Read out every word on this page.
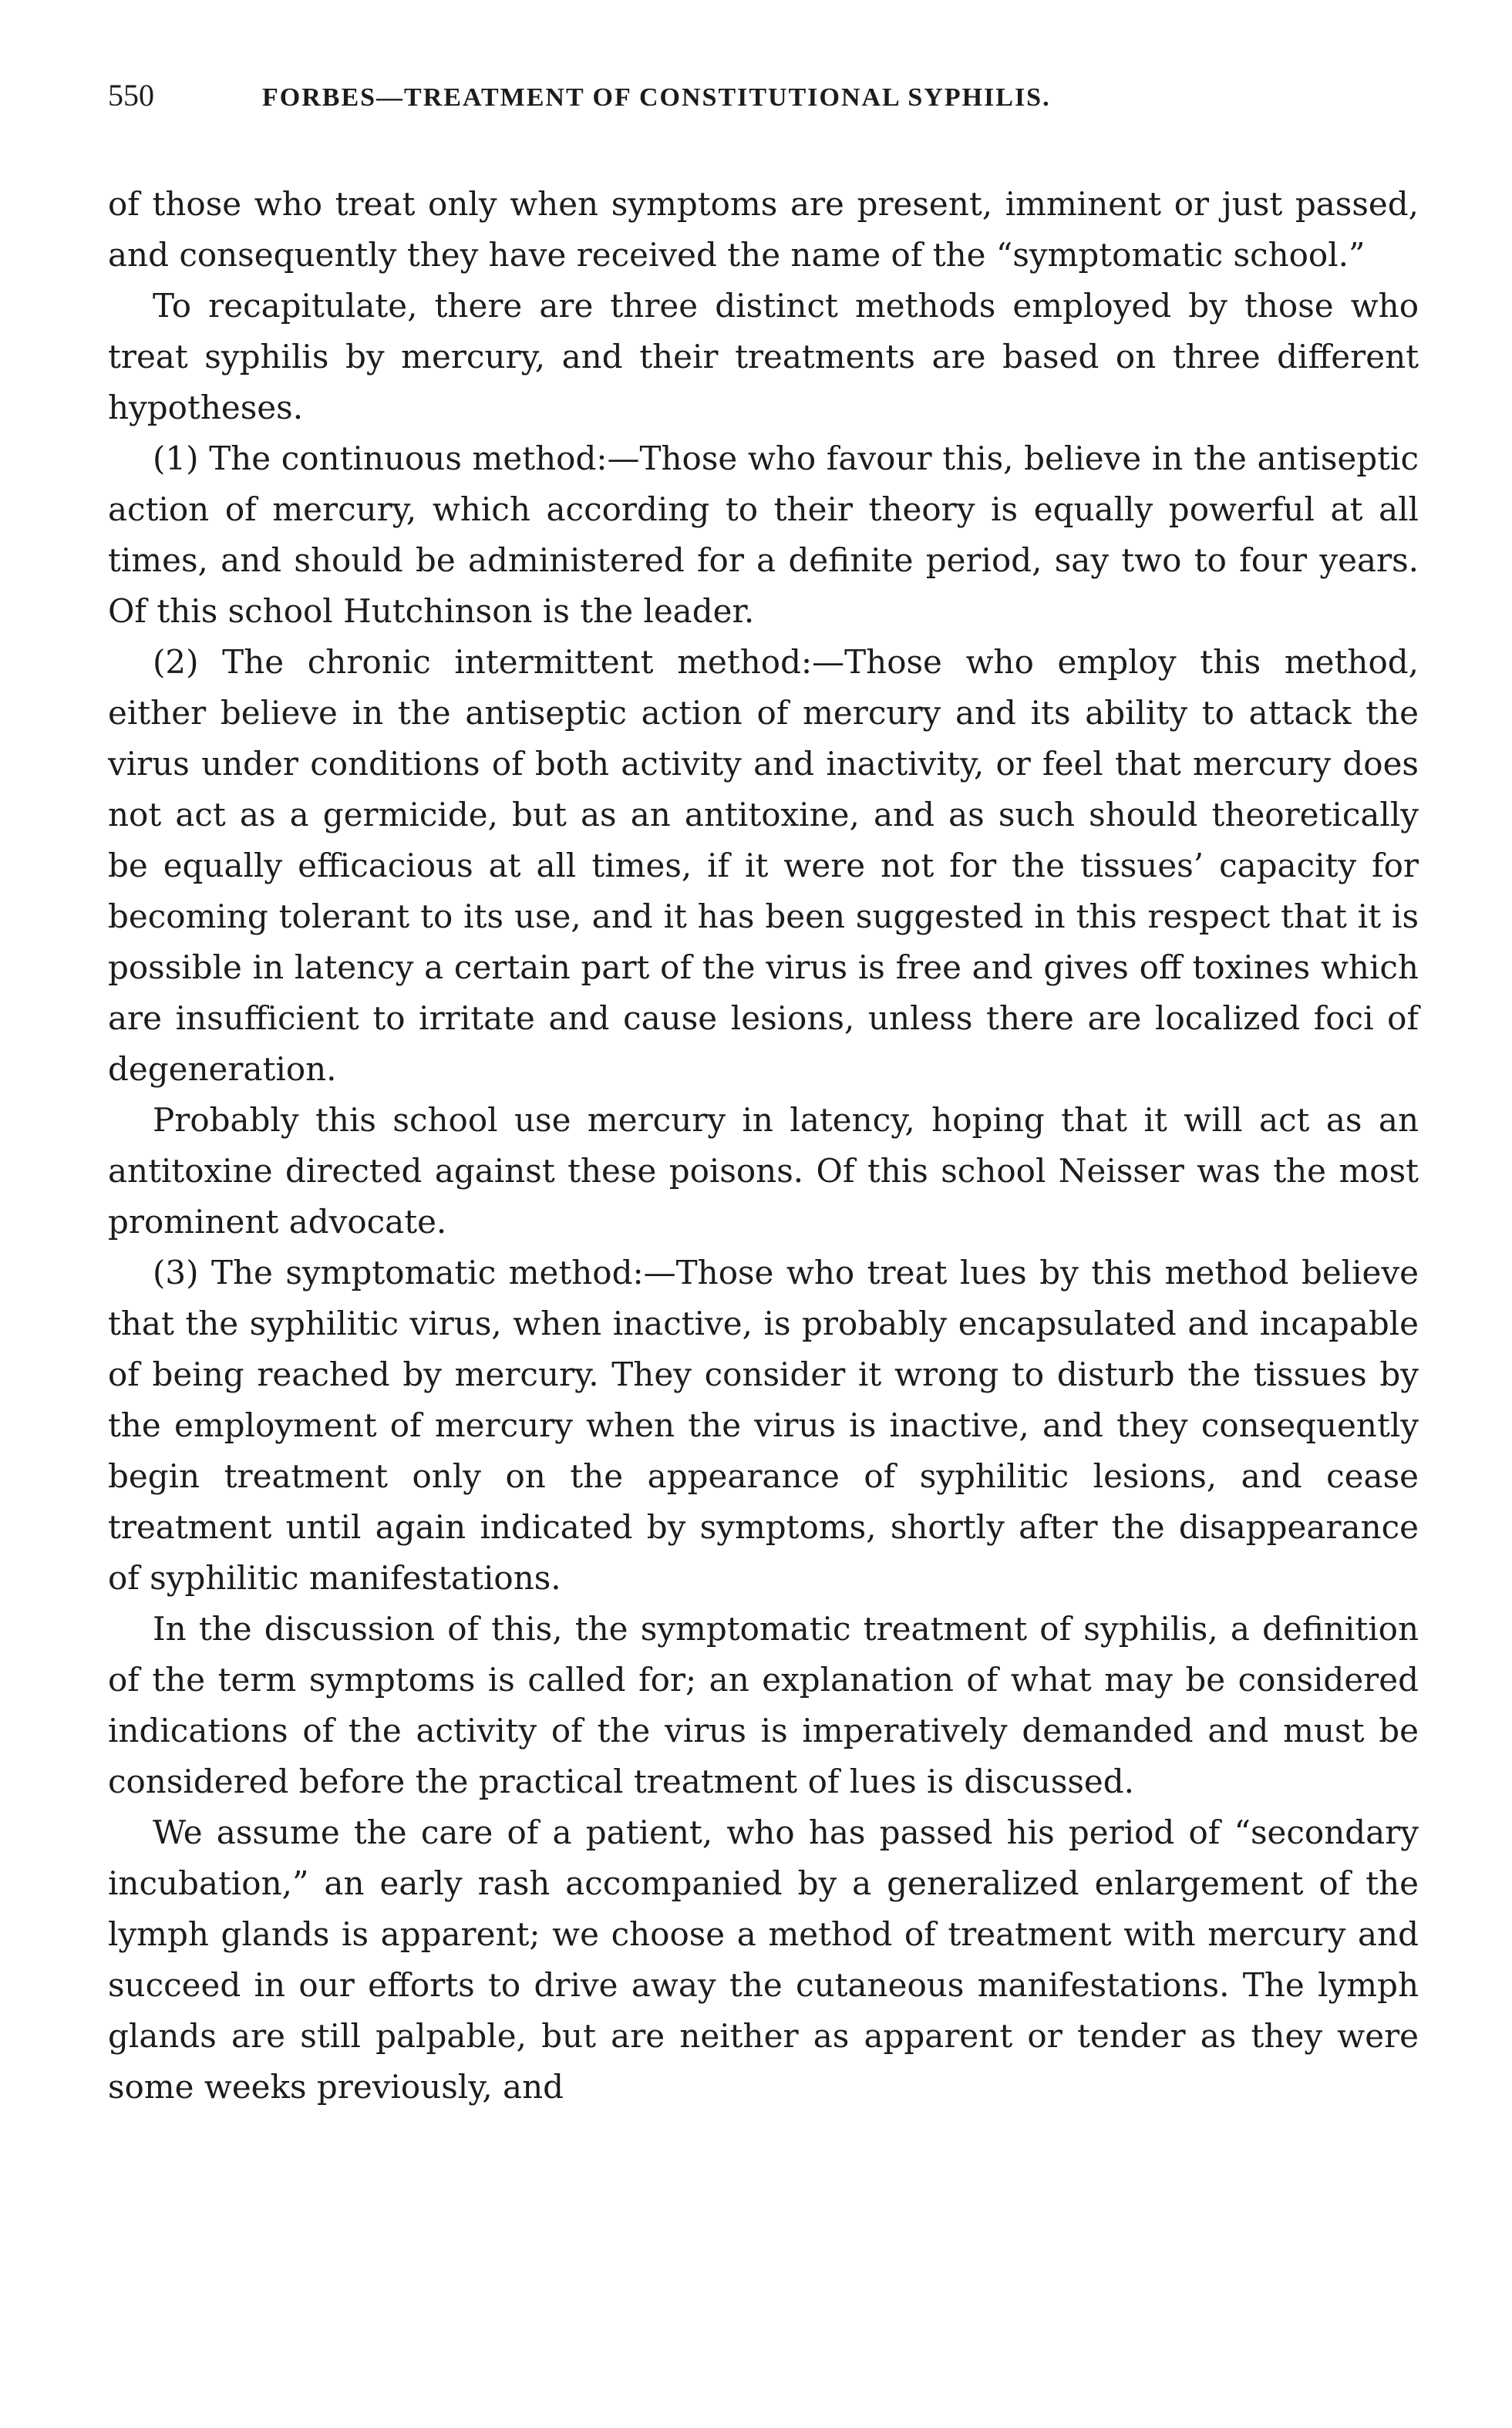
550	FORBES—TREATMENT OF CONSTITUTIONAL SYPHILIS.

of those who treat only when symptoms are present, imminent or just passed, and consequently they have received the name of the “symptomatic school.”

To recapitulate, there are three distinct methods employed by those who treat syphilis by mercury, and their treatments are based on three different hypotheses.

(1) The continuous method:—Those who favour this, believe in the antiseptic action of mercury, which according to their theory is equally powerful at all times, and should be administered for a definite period, say two to four years. Of this school Hutchinson is the leader.

(2) The chronic intermittent method:—Those who employ this method, either believe in the antiseptic action of mercury and its ability to attack the virus under conditions of both activity and inactivity, or feel that mercury does not act as a germicide, but as an antitoxine, and as such should theoretically be equally efficacious at all times, if it were not for the tissues’ capacity for becoming tolerant to its use, and it has been suggested in this respect that it is possible in latency a certain part of the virus is free and gives off toxines which are insufficient to irritate and cause lesions, unless there are localized foci of degeneration.

Probably this school use mercury in latency, hoping that it will act as an antitoxine directed against these poisons. Of this school Neisser was the most prominent advocate.

(3) The symptomatic method:—Those who treat lues by this method believe that the syphilitic virus, when inactive, is probably encapsulated and incapable of being reached by mercury. They consider it wrong to disturb the tissues by the employment of mercury when the virus is inactive, and they consequently begin treatment only on the appearance of syphilitic lesions, and cease treatment until again indicated by symptoms, shortly after the disappearance of syphilitic manifestations.

In the discussion of this, the symptomatic treatment of syphilis, a definition of the term symptoms is called for; an explanation of what may be considered indications of the activity of the virus is imperatively demanded and must be considered before the practical treatment of lues is discussed.

We assume the care of a patient, who has passed his period of “secondary incubation,” an early rash accompanied by a generalized enlargement of the lymph glands is apparent; we choose a method of treatment with mercury and succeed in our efforts to drive away the cutaneous manifestations. The lymph glands are still palpable, but are neither as apparent or tender as they were some weeks previously, and
